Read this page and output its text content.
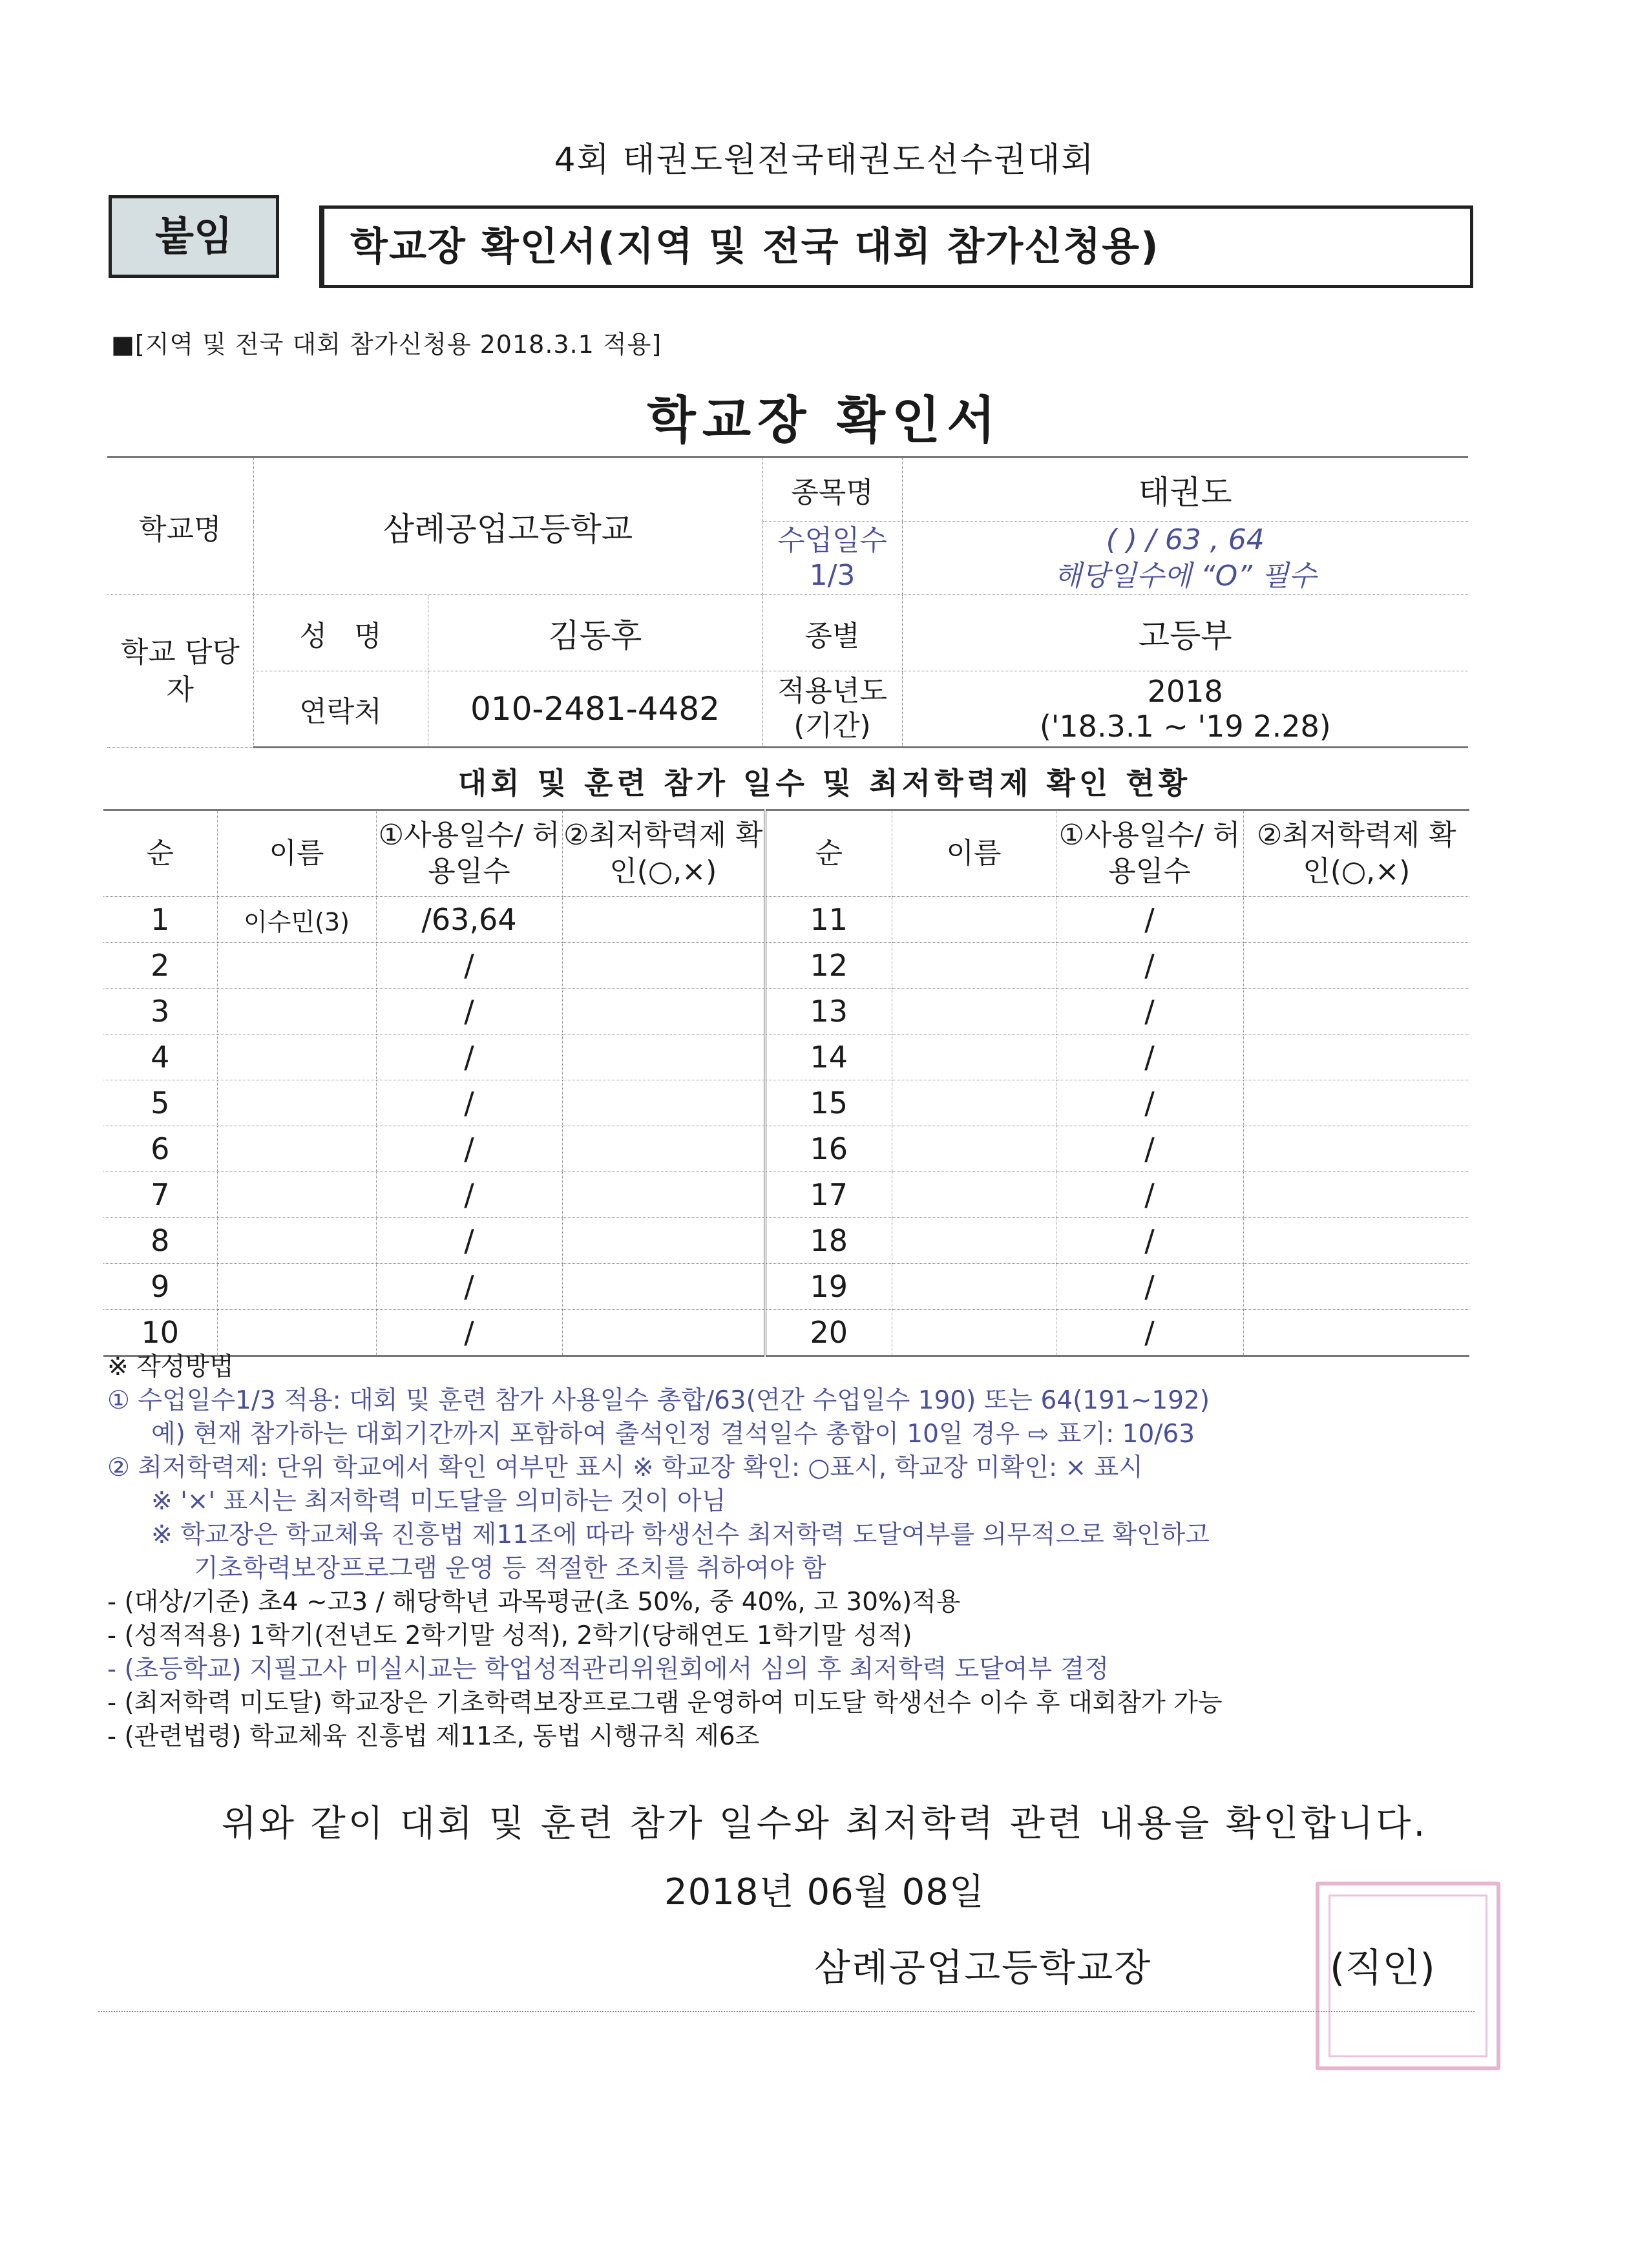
4회 태권도원전국태권도선수권대회
붙임	학교장 확인서(지역 및 전국 대회 참가신청용)
■[지역 및 전국 대회 참가신청용 2018.3.1 적용]
학교장 확인서
학교명	삼례공업고등학교		종목명	태권도
			수업일수 1/3	( ) / 63 , 64
해당일수에 “O” 필수

학교 담당자	성   명	김동후	종별	고등부
	연락처	010-2481-4482	적용년도 (기간)	2018
('18.3.1 ~ '19 2.28)
대회 및 훈련 참가 일수 및 최저학력제 확인 현황
순	이름	①사용일수/ 허용일수	②최저학력제 확인(○,×)	순	이름	①사용일수/ 허용일수	②최저학력제 확인(○,×)
1	이수민(3)	/63,64		11		/	
2		/		12		/	
3		/		13		/	
4		/		14		/	
5		/		15		/	
6		/		16		/	
7		/		17		/	
8		/		18		/	
9		/		19		/	
10		/		20		/	
※ 작성방법
① 수업일수1/3 적용: 대회 및 훈련 참가 사용일수 총합/63(연간 수업일수 190) 또는 64(191~192)
예) 현재 참가하는 대회기간까지 포함하여 출석인정 결석일수 총합이 10일 경우 ⇨ 표기: 10/63
② 최저학력제: 단위 학교에서 확인 여부만 표시 ※ 학교장 확인: ○표시, 학교장 미확인: × 표시
※ '×' 표시는 최저학력 미도달을 의미하는 것이 아님
※ 학교장은 학교체육 진흥법 제11조에 따라 학생선수 최저학력 도달여부를 의무적으로 확인하고
기초학력보장프로그램 운영 등 적절한 조치를 취하여야 함
- (대상/기준) 초4 ~고3 / 해당학년 과목평균(초 50%, 중 40%, 고 30%)적용
- (성적적용) 1학기(전년도 2학기말 성적), 2학기(당해연도 1학기말 성적)
- (초등학교) 지필고사 미실시교는 학업성적관리위원회에서 심의 후 최저학력 도달여부 결정
- (최저학력 미도달) 학교장은 기초학력보장프로그램 운영하여 미도달 학생선수 이수 후 대회참가 가능
- (관련법령) 학교체육 진흥법 제11조, 동법 시행규칙 제6조
위와 같이 대회 및 훈련 참가 일수와 최저학력 관련 내용을 확인합니다.
2018년 06월 08일
삼례공업고등학교장	(직인)
